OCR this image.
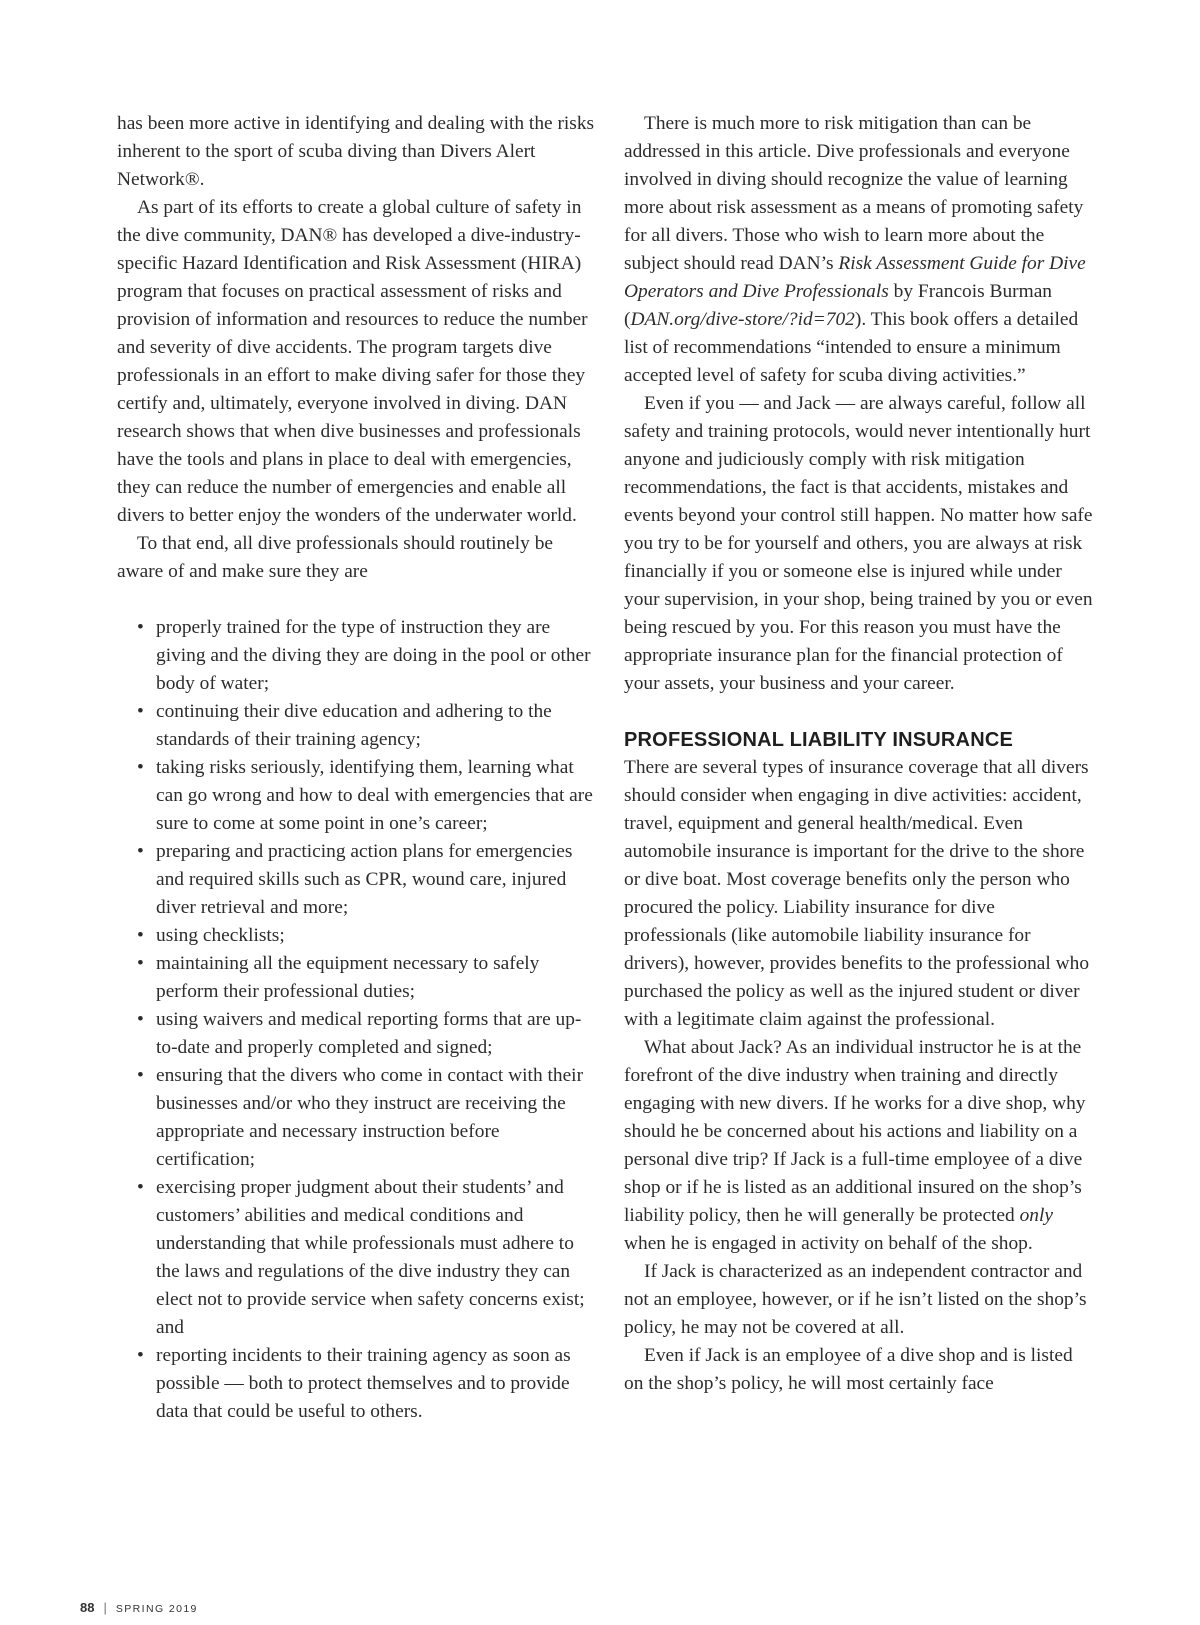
has been more active in identifying and dealing with the risks inherent to the sport of scuba diving than Divers Alert Network®.

As part of its efforts to create a global culture of safety in the dive community, DAN® has developed a dive-industry-specific Hazard Identification and Risk Assessment (HIRA) program that focuses on practical assessment of risks and provision of information and resources to reduce the number and severity of dive accidents. The program targets dive professionals in an effort to make diving safer for those they certify and, ultimately, everyone involved in diving. DAN research shows that when dive businesses and professionals have the tools and plans in place to deal with emergencies, they can reduce the number of emergencies and enable all divers to better enjoy the wonders of the underwater world.

To that end, all dive professionals should routinely be aware of and make sure they are

• properly trained for the type of instruction they are giving and the diving they are doing in the pool or other body of water;
• continuing their dive education and adhering to the standards of their training agency;
• taking risks seriously, identifying them, learning what can go wrong and how to deal with emergencies that are sure to come at some point in one’s career;
• preparing and practicing action plans for emergencies and required skills such as CPR, wound care, injured diver retrieval and more;
• using checklists;
• maintaining all the equipment necessary to safely perform their professional duties;
• using waivers and medical reporting forms that are up-to-date and properly completed and signed;
• ensuring that the divers who come in contact with their businesses and/or who they instruct are receiving the appropriate and necessary instruction before certification;
• exercising proper judgment about their students’ and customers’ abilities and medical conditions and understanding that while professionals must adhere to the laws and regulations of the dive industry they can elect not to provide service when safety concerns exist; and
• reporting incidents to their training agency as soon as possible — both to protect themselves and to provide data that could be useful to others.

There is much more to risk mitigation than can be addressed in this article. Dive professionals and everyone involved in diving should recognize the value of learning more about risk assessment as a means of promoting safety for all divers. Those who wish to learn more about the subject should read DAN’s Risk Assessment Guide for Dive Operators and Dive Professionals by Francois Burman (DAN.org/dive-store/?id=702). This book offers a detailed list of recommendations “intended to ensure a minimum accepted level of safety for scuba diving activities.”

Even if you — and Jack — are always careful, follow all safety and training protocols, would never intentionally hurt anyone and judiciously comply with risk mitigation recommendations, the fact is that accidents, mistakes and events beyond your control still happen. No matter how safe you try to be for yourself and others, you are always at risk financially if you or someone else is injured while under your supervision, in your shop, being trained by you or even being rescued by you. For this reason you must have the appropriate insurance plan for the financial protection of your assets, your business and your career.

PROFESSIONAL LIABILITY INSURANCE

There are several types of insurance coverage that all divers should consider when engaging in dive activities: accident, travel, equipment and general health/medical. Even automobile insurance is important for the drive to the shore or dive boat. Most coverage benefits only the person who procured the policy. Liability insurance for dive professionals (like automobile liability insurance for drivers), however, provides benefits to the professional who purchased the policy as well as the injured student or diver with a legitimate claim against the professional.

What about Jack? As an individual instructor he is at the forefront of the dive industry when training and directly engaging with new divers. If he works for a dive shop, why should he be concerned about his actions and liability on a personal dive trip? If Jack is a full-time employee of a dive shop or if he is listed as an additional insured on the shop’s liability policy, then he will generally be protected only when he is engaged in activity on behalf of the shop.

If Jack is characterized as an independent contractor and not an employee, however, or if he isn’t listed on the shop’s policy, he may not be covered at all.

Even if Jack is an employee of a dive shop and is listed on the shop’s policy, he will most certainly face

88 | SPRING 2019
